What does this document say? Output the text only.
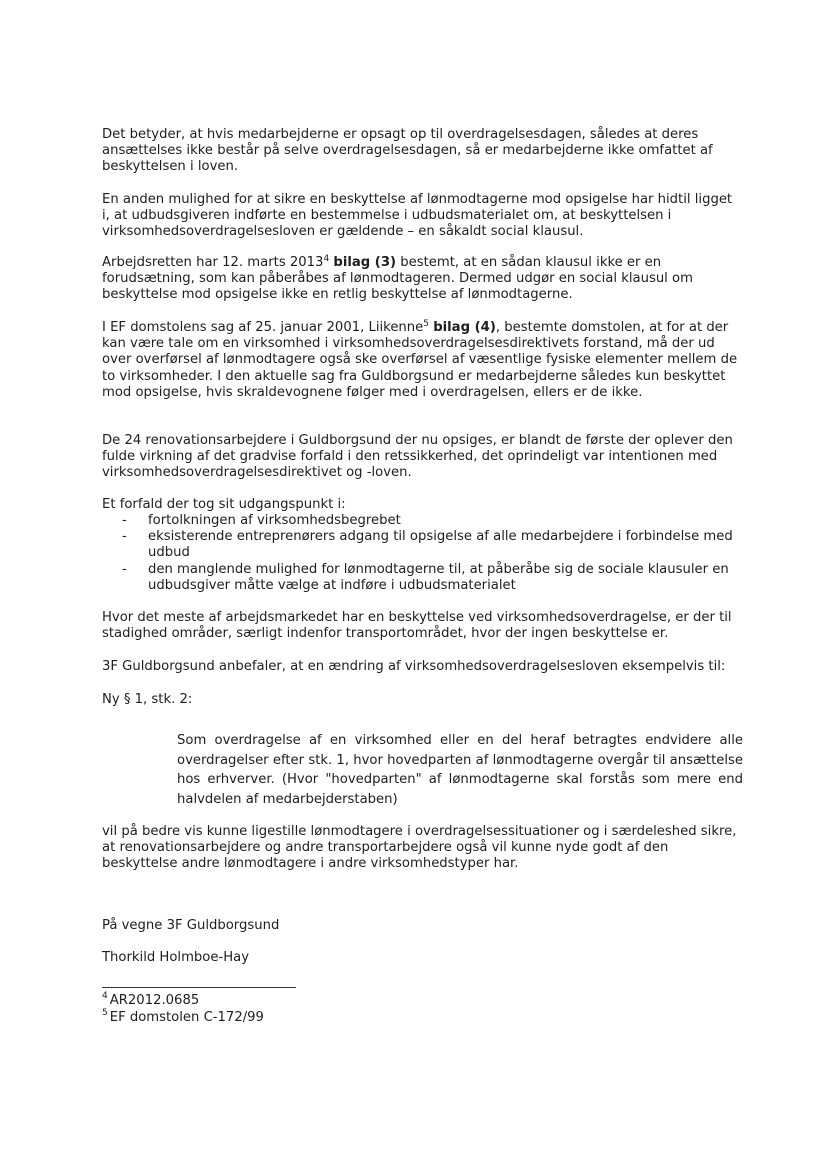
Det betyder, at hvis medarbejderne er opsagt op til overdragelsesdagen, således at deres ansættelses ikke består på selve overdragelsesdagen, så er medarbejderne ikke omfattet af beskyttelsen i loven.

En anden mulighed for at sikre en beskyttelse af lønmodtagerne mod opsigelse har hidtil ligget i, at udbudsgiveren indførte en bestemmelse i udbudsmaterialet om, at beskyttelsen i virksomhedsoverdragelsesloven er gældende – en såkaldt social klausul.

Arbejdsretten har 12. marts 2013$^4$ bilag (3) bestemt, at en sådan klausul ikke er en forudsætning, som kan påberåbes af lønmodtageren. Dermed udgør en social klausul om beskyttelse mod opsigelse ikke en retlig beskyttelse af lønmodtagerne.

I EF domstolens sag af 25. januar 2001, Liikenne$^5$ bilag (4), bestemte domstolen, at for at der kan være tale om en virksomhed i virksomhedsoverdragelsesdirektivets forstand, må der ud over overførsel af lønmodtagere også ske overførsel af væsentlige fysiske elementer mellem de to virksomheder. I den aktuelle sag fra Guldborgsund er medarbejderne således kun beskyttet mod opsigelse, hvis skraldevognene følger med i overdragelsen, ellers er de ikke.

De 24 renovationsarbejdere i Guldborgsund der nu opsiges, er blandt de første der oplever den fulde virkning af det gradvise forfald i den retssikkerhed, det oprindeligt var intentionen med virksomhedsoverdragelsesdirektivet og -loven.

Et forfald der tog sit udgangspunkt i:

- fortolkningen af virksomhedsbegrebet
- eksisterende entreprenørers adgang til opsigelse af alle medarbejdere i forbindelse med udbud
- den manglende mulighed for lønmodtagerne til, at påberåbe sig de sociale klausuler en udbudsgiver måtte vælge at indføre i udbudsmaterialet

Hvor det meste af arbejdsmarkedet har en beskyttelse ved virksomhedsoverdragelse, er der til stadighed områder, særligt indenfor transportområdet, hvor der ingen beskyttelse er.

3F Guldborgsund anbefaler, at en ændring af virksomhedsoverdragelsesloven eksempelvis til:

Ny § 1, stk. 2:

Som overdragelse af en virksomhed eller en del heraf betragtes endvidere alle overdragelser efter stk. 1, hvor hovedparten af lønmodtagerne overgår til ansættelse hos erhverver. (Hvor "hovedparten" af lønmodtagerne skal forstås som mere end halvdelen af medarbejderstaben)

vil på bedre vis kunne ligestille lønmodtagere i overdragelsessituationer og i særdeleshed sikre, at renovationsarbejdere og andre transportarbejdere også vil kunne nyde godt af den beskyttelse andre lønmodtagere i andre virksomhedstyper har.

På vegne 3F Guldborgsund

Thorkild Holmboe-Hay

$^4$ AR2012.0685
$^5$ EF domstolen C-172/99
